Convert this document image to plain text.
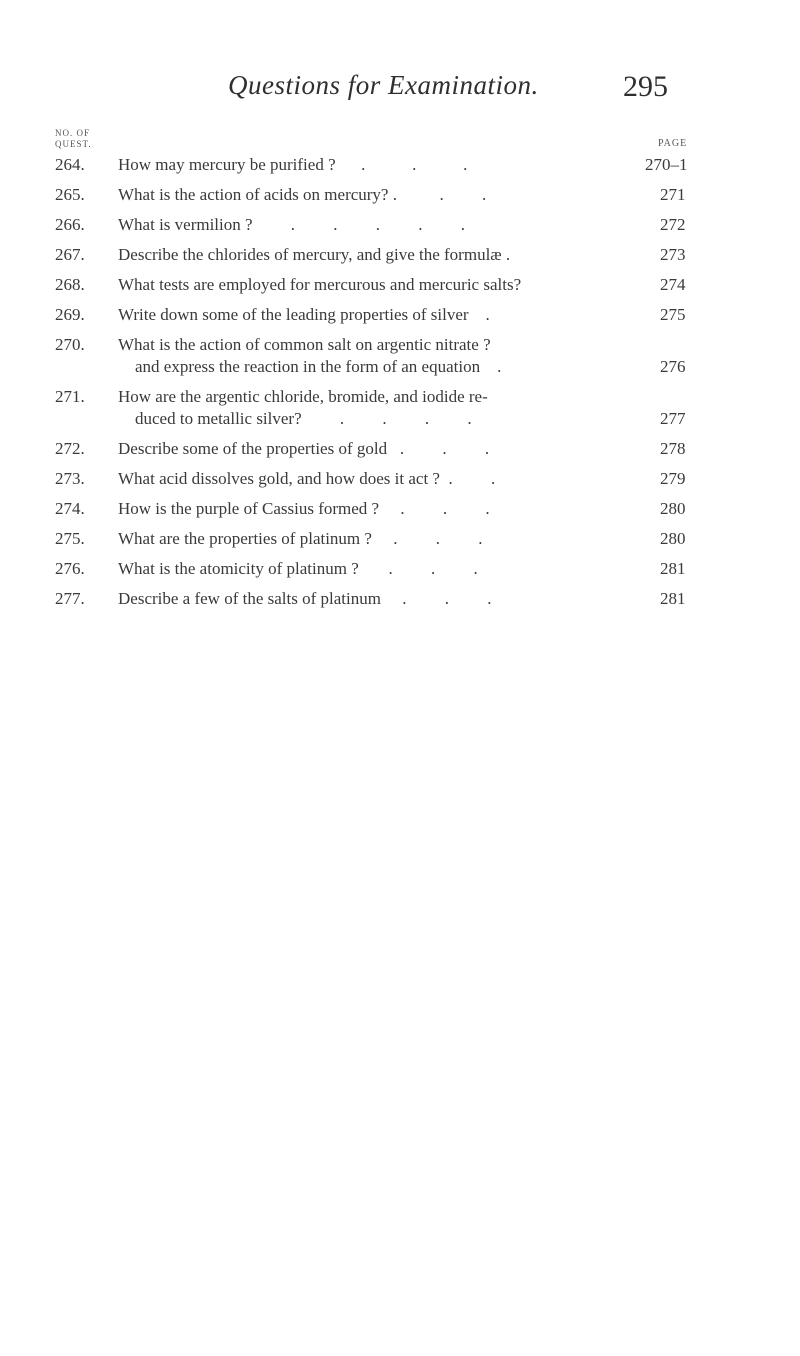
Questions for Examination.	295
NO. OF
QUEST.	PAGE
264. How may mercury be purified ?      .           .           .	270–1
265. What is the action of acids on mercury? .          .         .	271
266. What is vermilion ?         .         .         .         .         .	272
267. Describe the chlorides of mercury, and give the formulæ .	273
268. What tests are employed for mercurous and mercuric salts?	274
269. Write down some of the leading properties of silver    .	275
270. What is the action of common salt on argentic nitrate ?
and express the reaction in the form of an equation    .	276
271. How are the argentic chloride, bromide, and iodide re-
duced to metallic silver?         .         .         .         .	277
272. Describe some of the properties of gold   .         .         .	278
273. What acid dissolves gold, and how does it act ?  .         .	279
274. How is the purple of Cassius formed ?     .         .         .	280
275. What are the properties of platinum ?     .         .         .	280
276. What is the atomicity of platinum ?       .         .         .	281
277. Describe a few of the salts of platinum     .         .         .	281
